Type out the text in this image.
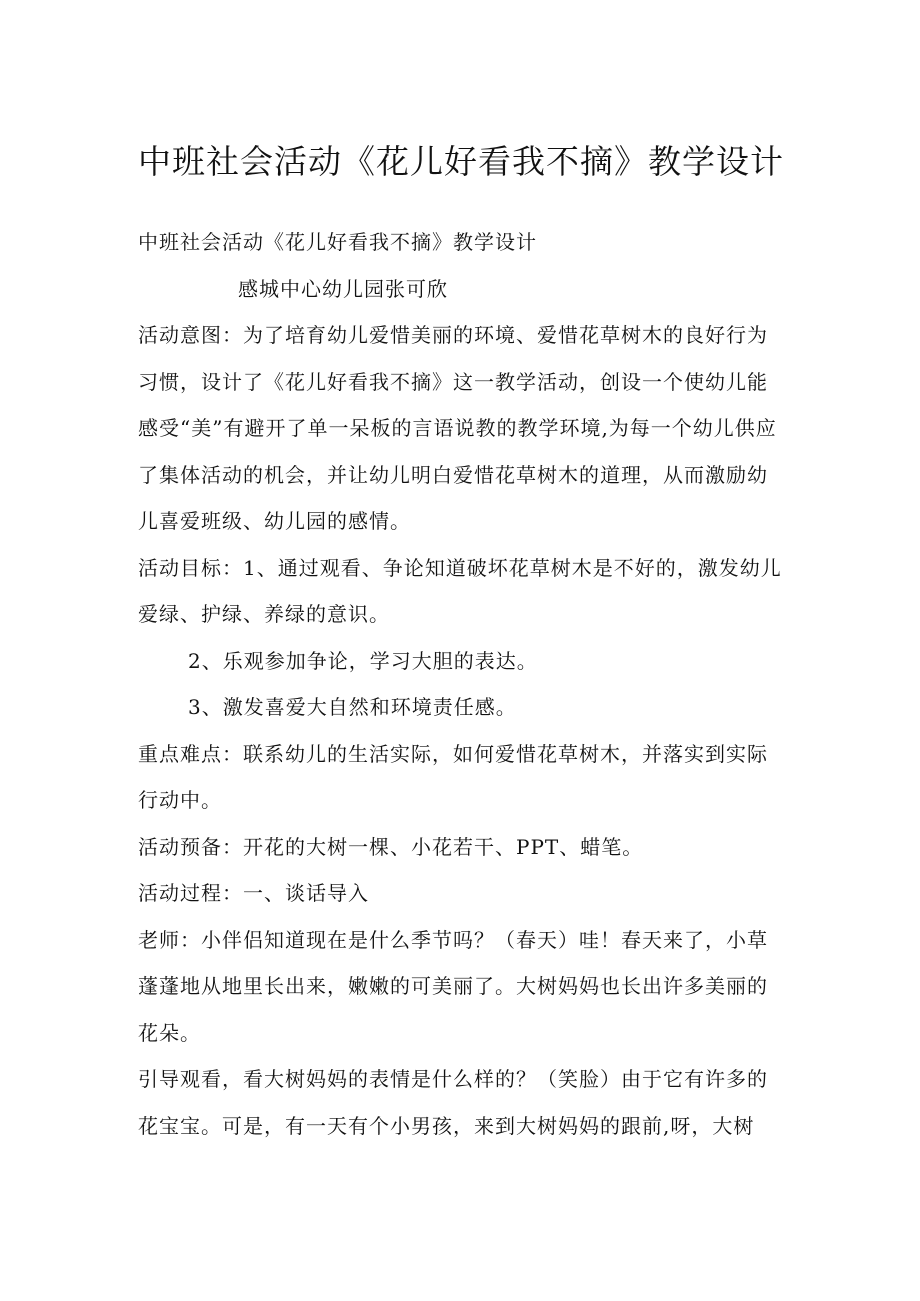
中班社会活动《花儿好看我不摘》教学设计

中班社会活动《花儿好看我不摘》教学设计

感城中心幼儿园张可欣

活动意图：为了培育幼儿爱惜美丽的环境、爱惜花草树木的良好行为习惯，设计了《花儿好看我不摘》这一教学活动，创设一个使幼儿能感受“美”有避开了单一呆板的言语说教的教学环境,为每一个幼儿供应了集体活动的机会，并让幼儿明白爱惜花草树木的道理，从而激励幼儿喜爱班级、幼儿园的感情。

活动目标：1、通过观看、争论知道破坏花草树木是不好的，激发幼儿爱绿、护绿、养绿的意识。

2、乐观参加争论，学习大胆的表达。

3、激发喜爱大自然和环境责任感。

重点难点：联系幼儿的生活实际，如何爱惜花草树木，并落实到实际行动中。

活动预备：开花的大树一棵、小花若干、PPT、蜡笔。

活动过程：一、谈话导入

老师：小伴侣知道现在是什么季节吗？（春天）哇！春天来了，小草蓬蓬地从地里长出来，嫩嫩的可美丽了。大树妈妈也长出许多美丽的花朵。

引导观看，看大树妈妈的表情是什么样的？（笑脸）由于它有许多的花宝宝。可是，有一天有个小男孩，来到大树妈妈的跟前,呀，大树
